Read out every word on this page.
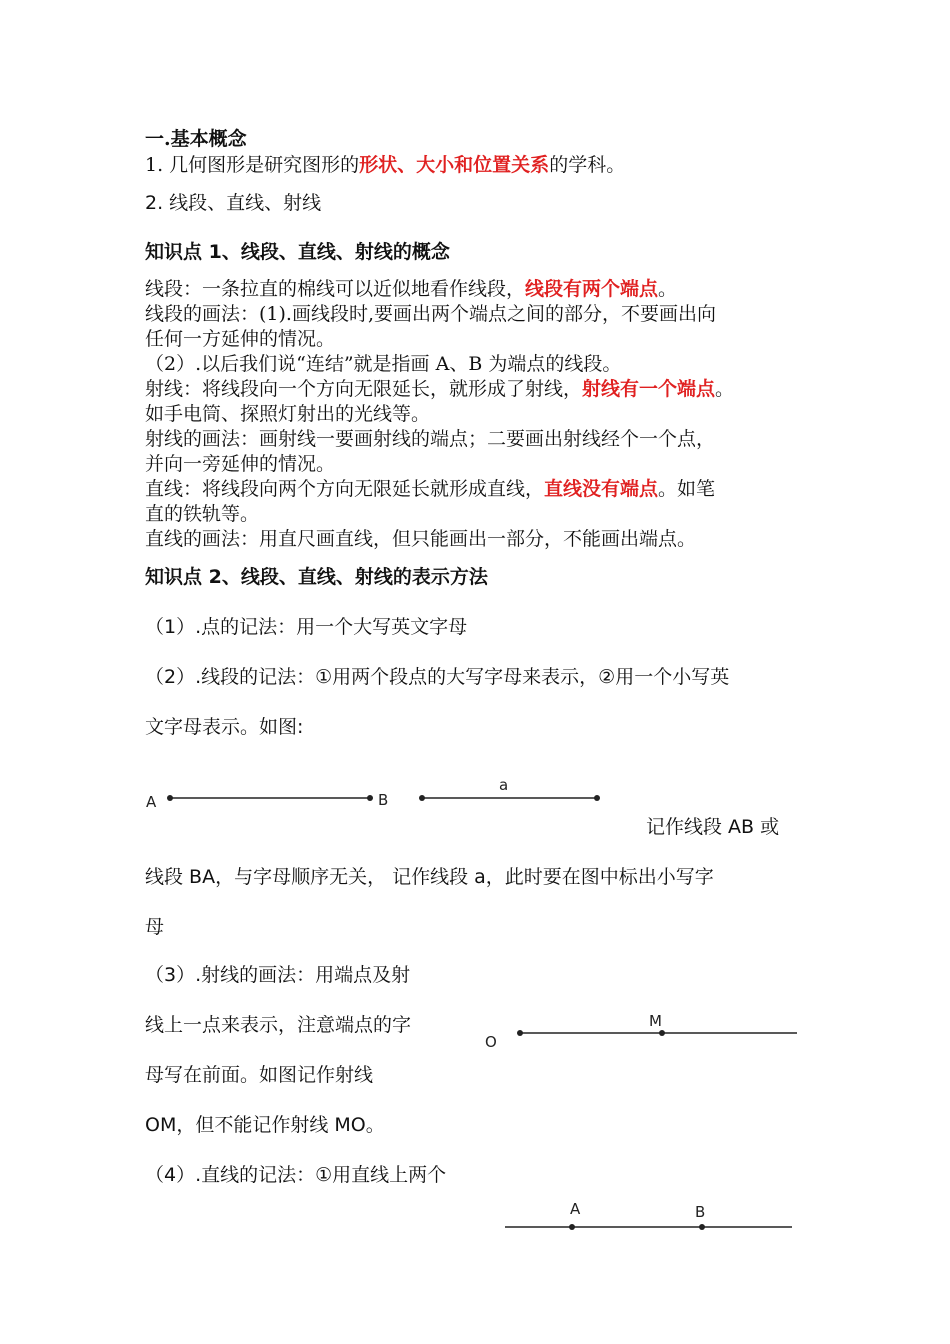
一.基本概念
1. 几何图形是研究图形的形状、大小和位置关系的学科。
2. 线段、直线、射线
知识点 1、线段、直线、射线的概念
线段：一条拉直的棉线可以近似地看作线段，线段有两个端点。
线段的画法：(1).画线段时,要画出两个端点之间的部分，不要画出向
任何一方延伸的情况。
（2）.以后我们说“连结”就是指画 A、B 为端点的线段。
射线：将线段向一个方向无限延长，就形成了射线，射线有一个端点。
如手电筒、探照灯射出的光线等。
射线的画法：画射线一要画射线的端点；二要画出射线经个一个点，
并向一旁延伸的情况。
直线：将线段向两个方向无限延长就形成直线，直线没有端点。如笔
直的铁轨等。
直线的画法：用直尺画直线，但只能画出一部分，不能画出端点。
知识点 2、线段、直线、射线的表示方法
（1）.点的记法：用一个大写英文字母
（2）.线段的记法：①用两个段点的大写字母来表示，②用一个小写英
文字母表示。如图:
A	B
a
记作线段 AB 或
线段 BA，与字母顺序无关， 记作线段 a，此时要在图中标出小写字
母
（3）.射线的画法：用端点及射
线上一点来表示，注意端点的字
母写在前面。如图记作射线
OM，但不能记作射线 MO。
O
M
（4）.直线的记法：①用直线上两个
A	B
